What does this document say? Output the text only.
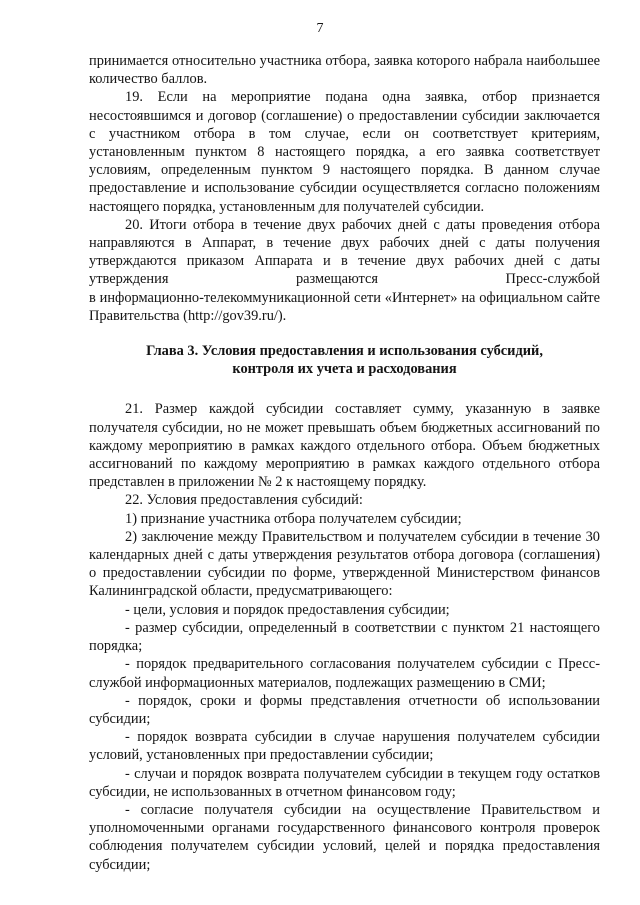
7

принимается относительно участника отбора, заявка которого набрала наибольшее количество баллов.

19. Если на мероприятие подана одна заявка, отбор признается несостоявшимся и договор (соглашение) о предоставлении субсидии заключается с участником отбора в том случае, если он соответствует критериям, установленным пунктом 8 настоящего порядка, а его заявка соответствует условиям, определенным пунктом 9 настоящего порядка. В данном случае предоставление и использование субсидии осуществляется согласно положениям настоящего порядка, установленным для получателей субсидии.

20. Итоги отбора в течение двух рабочих дней с даты проведения отбора направляются в Аппарат, в течение двух рабочих дней с даты получения утверждаются приказом Аппарата и в течение двух рабочих дней с даты утверждения размещаются Пресс-службой

в информационно-телекоммуникационной сети «Интернет» на официальном сайте Правительства (http://gov39.ru/).

Глава 3. Условия предоставления и использования субсидий,
контроля их учета и расходования

21. Размер каждой субсидии составляет сумму, указанную в заявке получателя субсидии, но не может превышать объем бюджетных ассигнований по каждому мероприятию в рамках каждого отдельного отбора. Объем бюджетных ассигнований по каждому мероприятию в рамках каждого отдельного отбора представлен в приложении № 2 к настоящему порядку.

22. Условия предоставления субсидий:

1) признание участника отбора получателем субсидии;

2) заключение между Правительством и получателем субсидии в течение 30 календарных дней с даты утверждения результатов отбора договора (соглашения) о предоставлении субсидии по форме, утвержденной Министерством финансов Калининградской области, предусматривающего:

- цели, условия и порядок предоставления субсидии;

- размер субсидии, определенный в соответствии с пунктом 21 настоящего порядка;

- порядок предварительного согласования получателем субсидии с Пресс-службой информационных материалов, подлежащих размещению в СМИ;

- порядок, сроки и формы представления отчетности об использовании субсидии;

- порядок возврата субсидии в случае нарушения получателем субсидии условий, установленных при предоставлении субсидии;

- случаи и порядок возврата получателем субсидии в текущем году остатков субсидии, не использованных в отчетном финансовом году;

- согласие получателя субсидии на осуществление Правительством и уполномоченными органами государственного финансового контроля проверок соблюдения получателем субсидии условий, целей и порядка предоставления субсидии;
